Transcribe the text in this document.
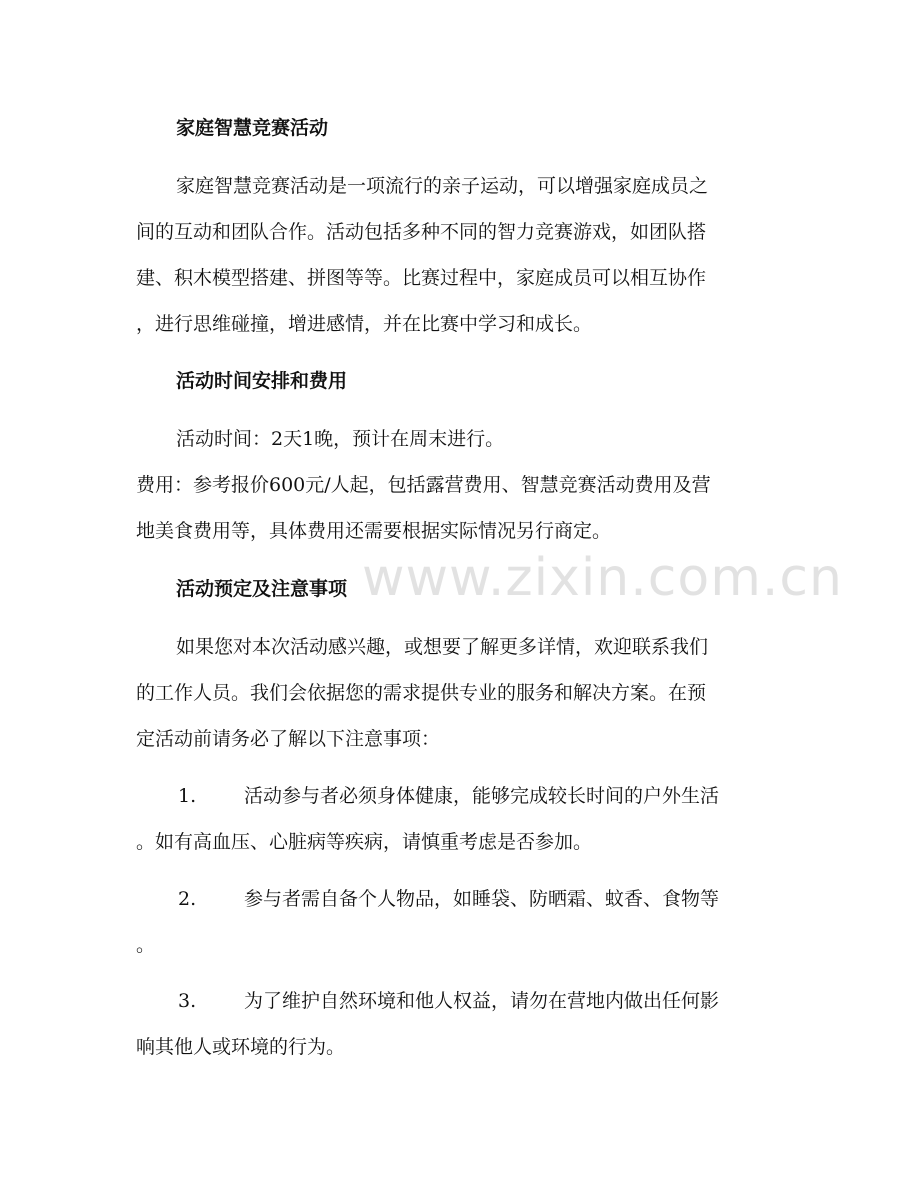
www.zixin.com.cn
家庭智慧竞赛活动

家庭智慧竞赛活动是一项流行的亲子运动，可以增强家庭成员之
间的互动和团队合作。活动包括多种不同的智力竞赛游戏，如团队搭
建、积木模型搭建、拼图等等。比赛过程中，家庭成员可以相互协作
，进行思维碰撞，增进感情，并在比赛中学习和成长。

活动时间安排和费用

活动时间：2天1晚，预计在周末进行。

费用：参考报价600元/人起，包括露营费用、智慧竞赛活动费用及营
地美食费用等，具体费用还需要根据实际情况另行商定。

活动预定及注意事项

如果您对本次活动感兴趣，或想要了解更多详情，欢迎联系我们
的工作人员。我们会依据您的需求提供专业的服务和解决方案。在预
定活动前请务必了解以下注意事项：

1.	活动参与者必须身体健康，能够完成较长时间的户外生活
。如有高血压、心脏病等疾病，请慎重考虑是否参加。

2.	参与者需自备个人物品，如睡袋、防晒霜、蚊香、食物等
。

3.	为了维护自然环境和他人权益，请勿在营地内做出任何影
响其他人或环境的行为。
